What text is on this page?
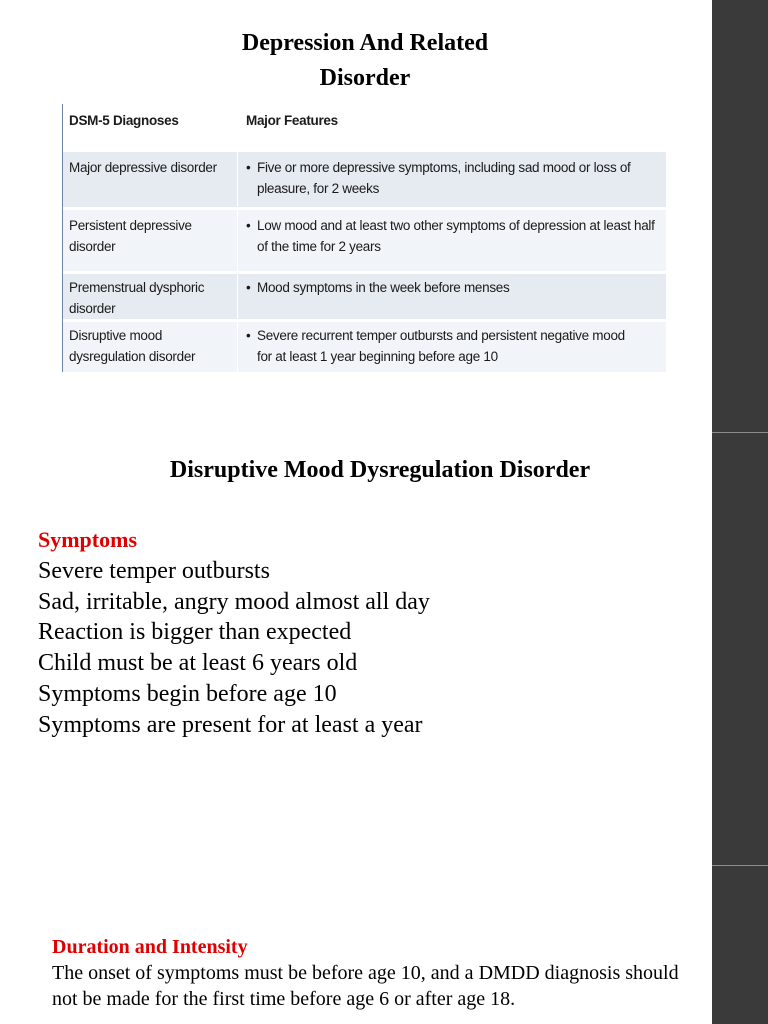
Depression And Related
Disorder
DSM-5 Diagnoses	Major Features
Major depressive disorder	• Five or more depressive symptoms, including sad mood or loss of
pleasure, for 2 weeks
Persistent depressive
disorder
• Low mood and at least two other symptoms of depression at least half
of the time for 2 years
Premenstrual dysphoric
disorder
• Mood symptoms in the week before menses
Disruptive mood
dysregulation disorder
• Severe recurrent temper outbursts and persistent negative mood
for at least 1 year beginning before age 10
Disruptive Mood Dysregulation Disorder
Symptoms
Severe temper outbursts
Sad, irritable, angry mood almost all day
Reaction is bigger than expected
Child must be at least 6 years old
Symptoms begin before age 10
Symptoms are present for at least a year
Duration and Intensity
The onset of symptoms must be before age 10, and a DMDD diagnosis should not be made for the first time before age 6 or after age 18.
